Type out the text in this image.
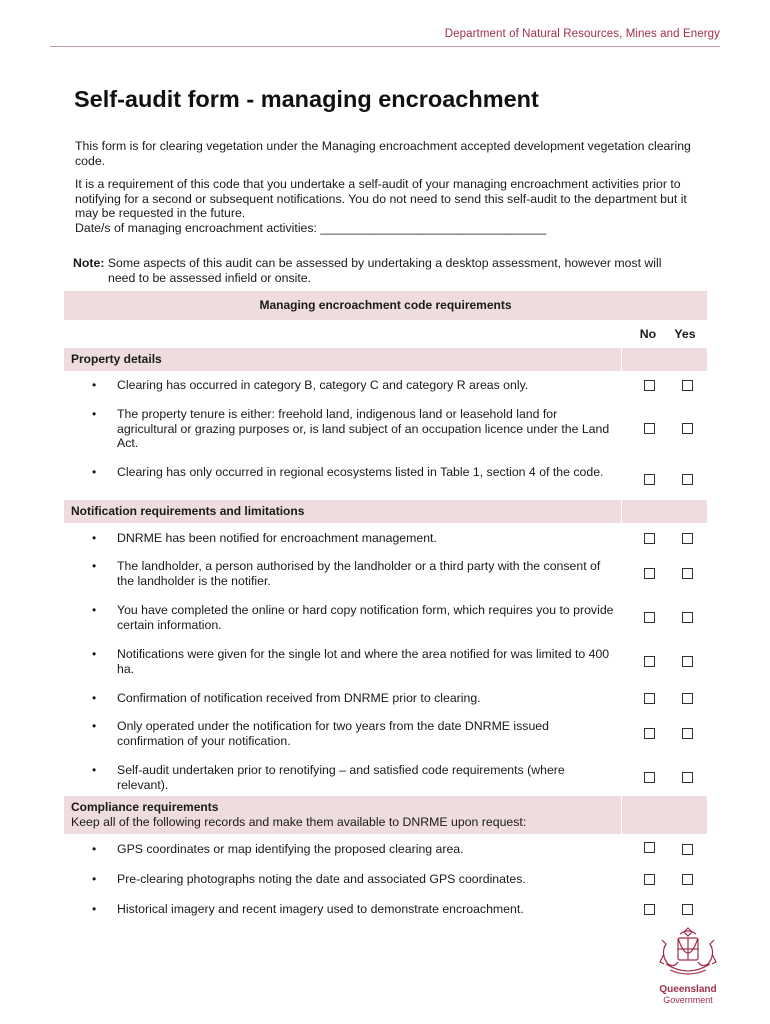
Department of Natural Resources, Mines and Energy
Self-audit form - managing encroachment

This form is for clearing vegetation under the Managing encroachment accepted development vegetation clearing code.

It is a requirement of this code that you undertake a self-audit of your managing encroachment activities prior to notifying for a second or subsequent notifications. You do not need to send this self-audit to the department but it may be requested in the future.

Date/s of managing encroachment activities: _________________________________

Note: Some aspects of this audit can be assessed by undertaking a desktop assessment, however most will
need to be assessed infield or onsite.
Managing encroachment code requirements
No Yes
Property details
• Clearing has occurred in category B, category C and category R areas only.
• The property tenure is either: freehold land, indigenous land or leasehold land for agricultural or grazing purposes or, is land subject of an occupation licence under the Land Act.
• Clearing has only occurred in regional ecosystems listed in Table 1, section 4 of the code.
Notification requirements and limitations
• DNRME has been notified for encroachment management.
• The landholder, a person authorised by the landholder or a third party with the consent of the landholder is the notifier.
• You have completed the online or hard copy notification form, which requires you to provide certain information.
• Notifications were given for the single lot and where the area notified for was limited to 400 ha.
• Confirmation of notification received from DNRME prior to clearing.
• Only operated under the notification for two years from the date DNRME issued confirmation of your notification.
• Self-audit undertaken prior to renotifying – and satisfied code requirements (where relevant).
Compliance requirements
Keep all of the following records and make them available to DNRME upon request:
• GPS coordinates or map identifying the proposed clearing area.
• Pre-clearing photographs noting the date and associated GPS coordinates.
• Historical imagery and recent imagery used to demonstrate encroachment.
Queensland
Government
